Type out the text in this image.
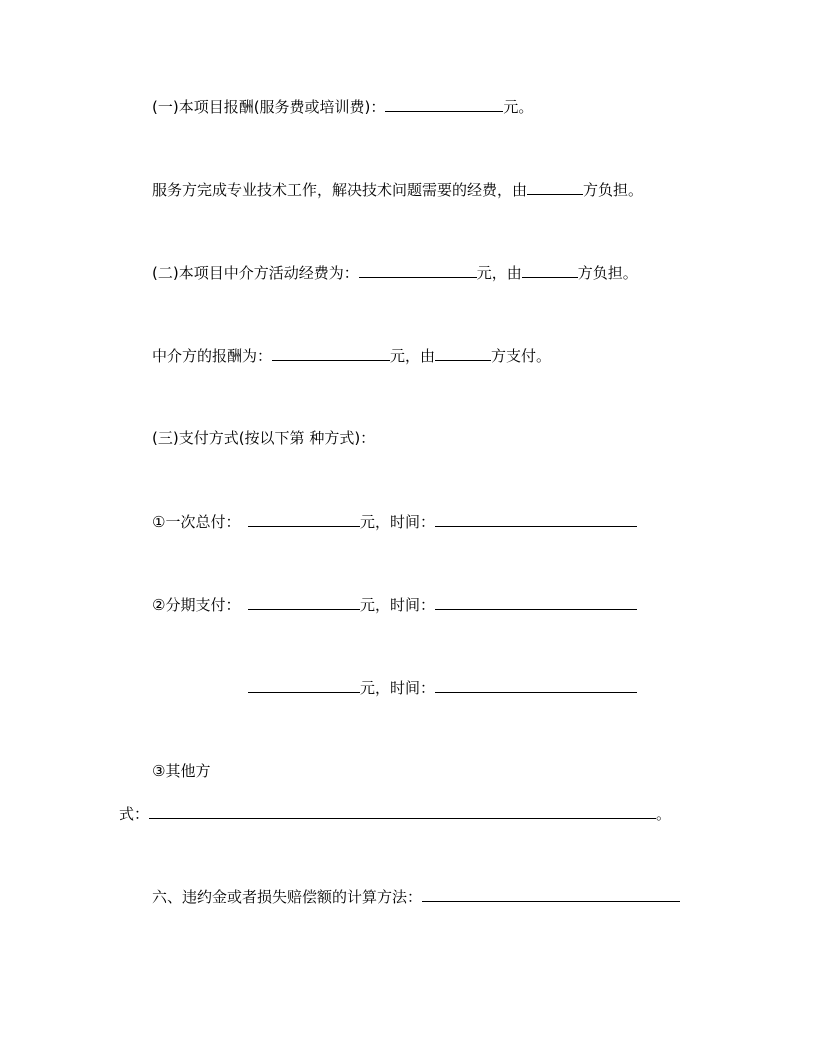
(一)本项目报酬(服务费或培训费)：	元。
服务方完成专业技术工作，解决技术问题需要的经费，由	方负担。
(二)本项目中介方活动经费为：	元，由	方负担。
中介方的报酬为：	元，由	方支付。
(三)支付方式(按以下第 种方式)：
①一次总付：	元，时间：
②分期支付：	元，时间：
元，时间：
③其他方
式：	。
六、违约金或者损失赔偿额的计算方法：
